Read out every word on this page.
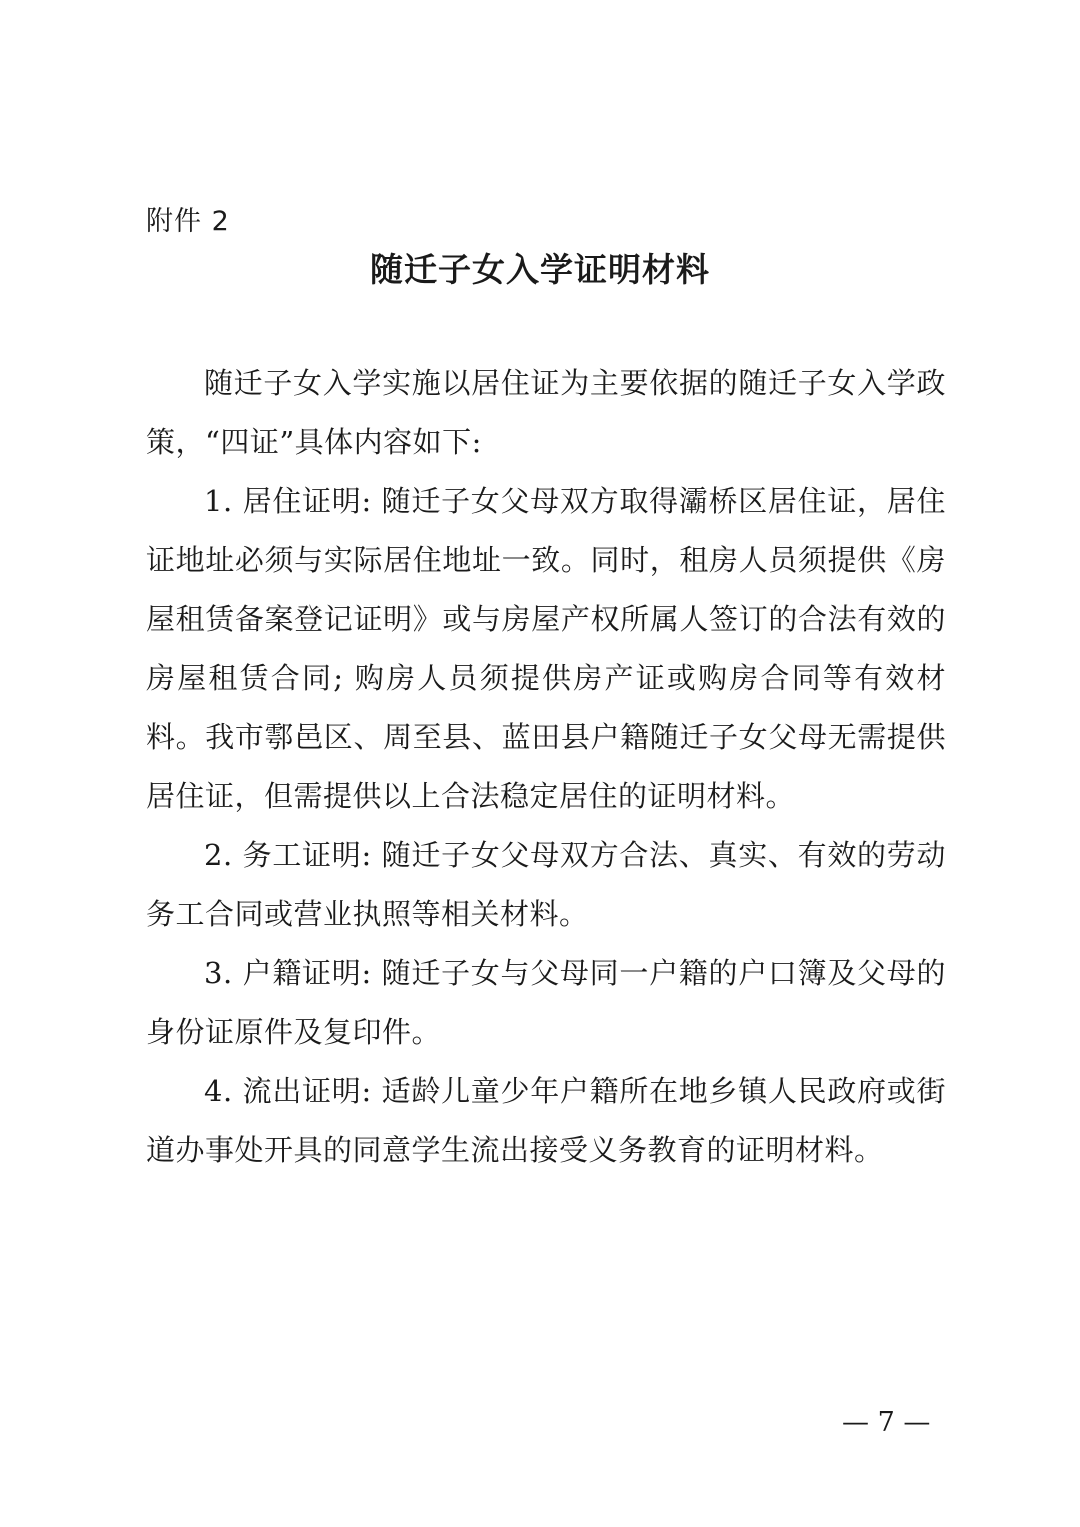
附件 2
随迁子女入学证明材料

随迁子女入学实施以居住证为主要依据的随迁子女入学政策，“四证”具体内容如下:

1. 居住证明: 随迁子女父母双方取得灞桥区居住证，居住证地址必须与实际居住地址一致。同时，租房人员须提供《房屋租赁备案登记证明》或与房屋产权所属人签订的合法有效的房屋租赁合同; 购房人员须提供房产证或购房合同等有效材料。我市鄠邑区、周至县、蓝田县户籍随迁子女父母无需提供居住证，但需提供以上合法稳定居住的证明材料。

2. 务工证明: 随迁子女父母双方合法、真实、有效的劳动务工合同或营业执照等相关材料。

3. 户籍证明: 随迁子女与父母同一户籍的户口簿及父母的身份证原件及复印件。

4. 流出证明: 适龄儿童少年户籍所在地乡镇人民政府或街道办事处开具的同意学生流出接受义务教育的证明材料。

— 7 —
